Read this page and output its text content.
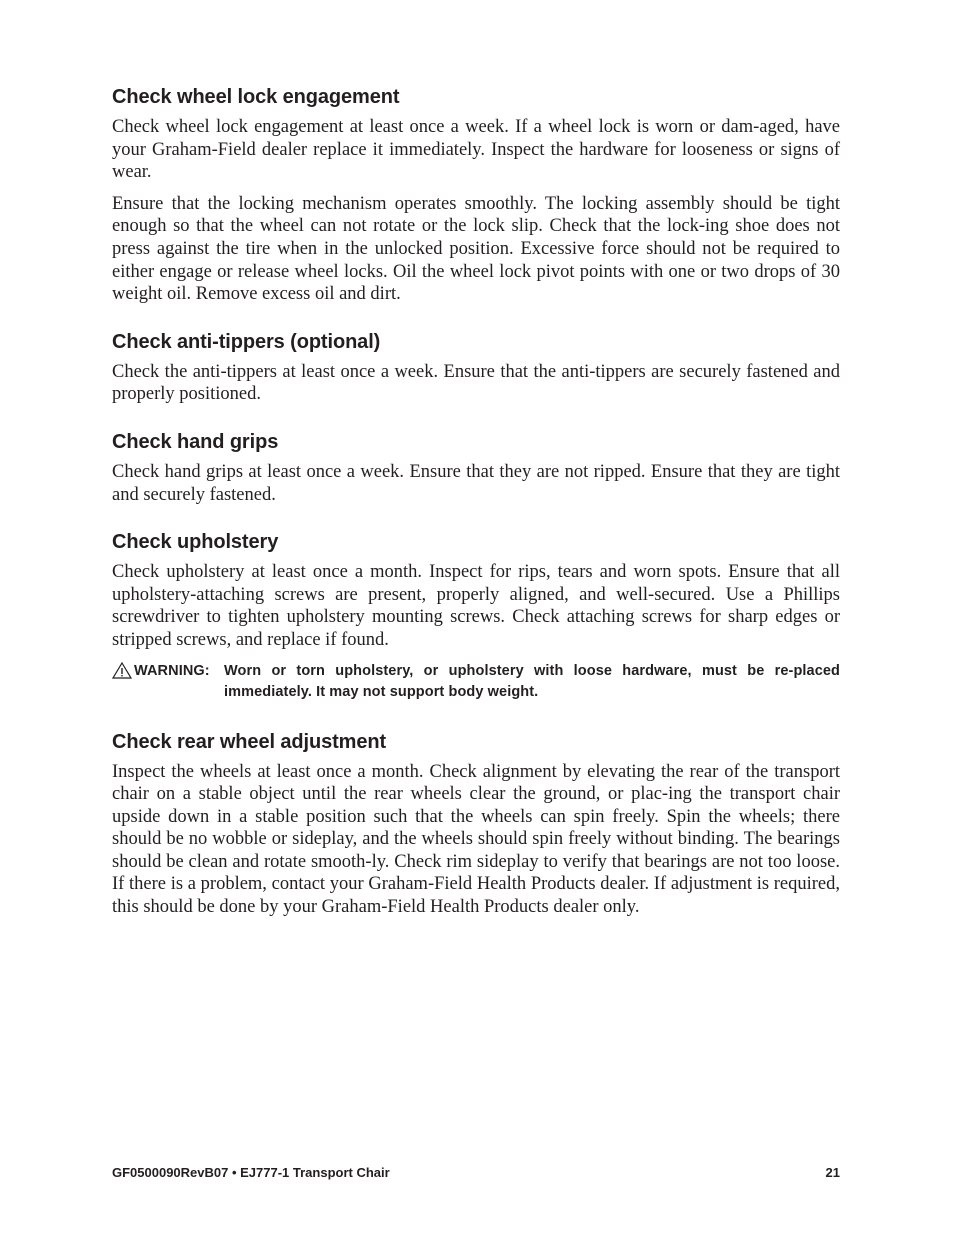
Check wheel lock engagement

Check wheel lock engagement at least once a week. If a wheel lock is worn or dam-aged, have your Graham-Field dealer replace it immediately. Inspect the hardware for looseness or signs of wear.

Ensure that the locking mechanism operates smoothly. The locking assembly should be tight enough so that the wheel can not rotate or the lock slip. Check that the lock-ing shoe does not press against the tire when in the unlocked position. Excessive force should not be required to either engage or release wheel locks. Oil the wheel lock pivot points with one or two drops of 30 weight oil. Remove excess oil and dirt.

Check anti-tippers (optional)

Check the anti-tippers at least once a week. Ensure that the anti-tippers are securely fastened and properly positioned.

Check hand grips

Check hand grips at least once a week. Ensure that they are not ripped. Ensure that they are tight and securely fastened.

Check upholstery

Check upholstery at least once a month. Inspect for rips, tears and worn spots. Ensure that all upholstery-attaching screws are present, properly aligned, and well-secured. Use a Phillips screwdriver to tighten upholstery mounting screws. Check attaching screws for sharp edges or stripped screws, and replace if found.

WARNING: Worn or torn upholstery, or upholstery with loose hardware, must be re-placed immediately. It may not support body weight.
Check rear wheel adjustment

Inspect the wheels at least once a month. Check alignment by elevating the rear of the transport chair on a stable object until the rear wheels clear the ground, or plac-ing the transport chair upside down in a stable position such that the wheels can spin freely. Spin the wheels; there should be no wobble or sideplay, and the wheels should spin freely without binding. The bearings should be clean and rotate smooth-ly. Check rim sideplay to verify that bearings are not too loose. If there is a problem, contact your Graham-Field Health Products dealer. If adjustment is required, this should be done by your Graham-Field Health Products dealer only.

GF0500090RevB07 • EJ777-1 Transport Chair	21
